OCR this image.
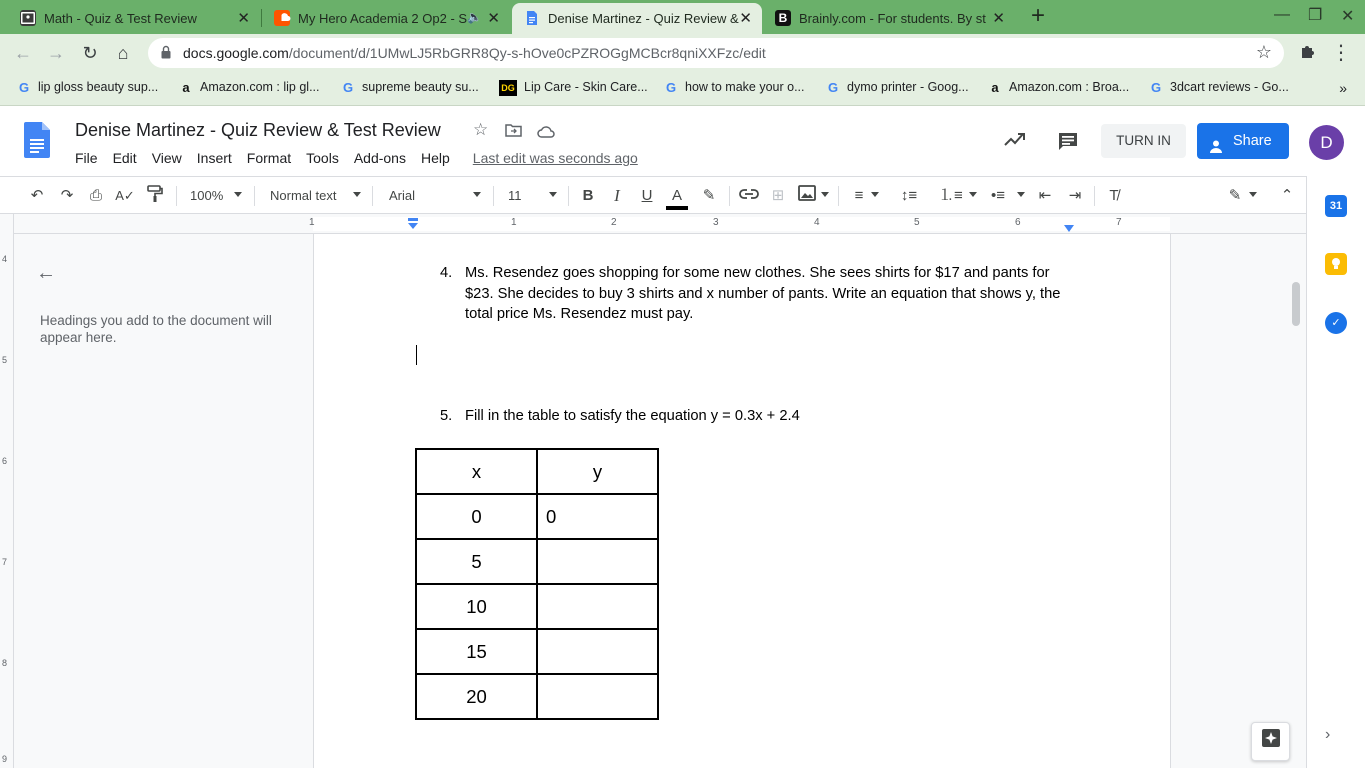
Math - Quiz & Test Review	✕	My Hero Academia 2 Op2 - S 🔈 ✕	Denise Martinez - Quiz Review & ✕	B Brainly.com - For students. By st ✕ +	— ❐ ✕
← → ↻	⌂	docs.google.com/document/d/1UMwLJ5RbGRR8Qy-s-hOve0cPZROGgMCBcr8qniXXFzc/edit	☆	⋮
G lip gloss beauty sup...	a Amazon.com : lip gl... G supreme beauty su...	DG Lip Care - Skin Care... G how to make your o... G dymo printer - Goog...	a Amazon.com : Broa... G 3dcart reviews - Go...	»
Denise Martinez - Quiz Review & Test Review ☆
File Edit View Insert Format Tools Add-ons Help Last edit was seconds ago
TURN IN	Share	D
↶	↷	⎙	A✓	100%	Normal text	Arial	11	B	I	U	A	✎	⊞	≡	↕≡ ⒈≡ •≡	⇤	⇥	T̸	✎	⌃
31
✓
4
5
6
7
8
9
1	1	2	3	4	5	6	7
←
Headings you add to the document will appear here.
4. Ms. Resendez goes shopping for some new clothes. She sees shirts for $17 and pants for $23. She decides to buy 3 shirts and x number of pants. Write an equation that shows y, the total price Ms. Resendez must pay.
5. Fill in the table to satisfy the equation y = 0.3x + 2.4
x	y
0	0
5	
10	
15	
20	
›
